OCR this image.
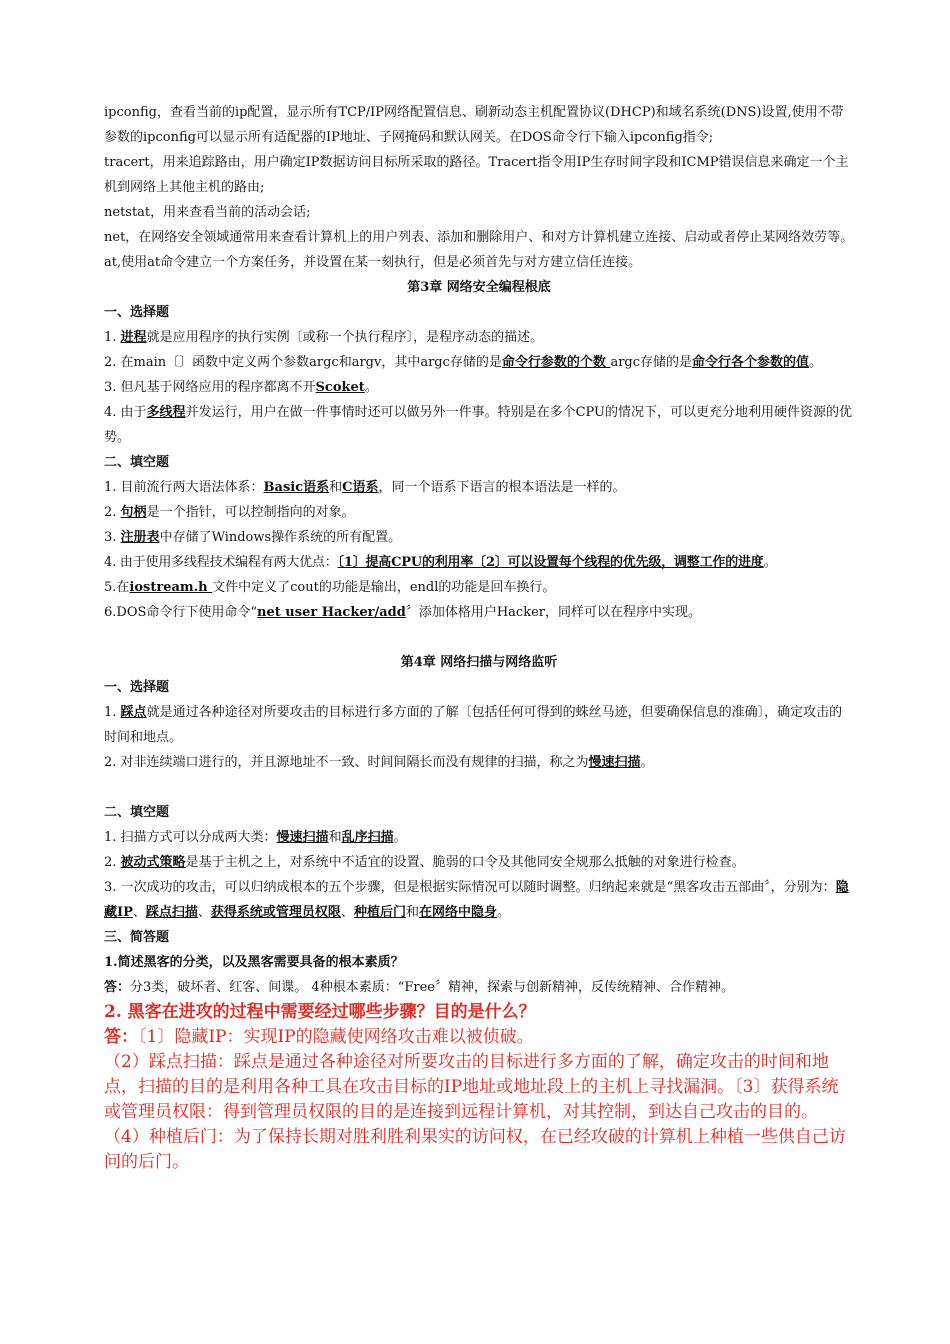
ipconfig，查看当前的ip配置，显示所有TCP/IP网络配置信息、刷新动态主机配置协议(DHCP)和域名系统(DNS)设置,使用不带参数的ipconfig可以显示所有适配器的IP地址、子网掩码和默认网关。在DOS命令行下输入ipconfig指令;

tracert，用来追踪路由，用户确定IP数据访问目标所采取的路径。Tracert指令用IP生存时间字段和ICMP错误信息来确定一个主机到网络上其他主机的路由;

netstat，用来查看当前的活动会话;

net，在网络安全领域通常用来查看计算机上的用户列表、添加和删除用户、和对方计算机建立连接、启动或者停止某网络效劳等。

at,使用at命令建立一个方案任务，并设置在某一刻执行，但是必须首先与对方建立信任连接。

第3章 网络安全编程根底

一、选择题

1. 进程就是应用程序的执行实例〔或称一个执行程序〕，是程序动态的描述。

2. 在main〔〕函数中定义两个参数argc和argv，其中argc存储的是命令行参数的个数 argc存储的是命令行各个参数的值。

3. 但凡基于网络应用的程序都离不开Scoket。

4. 由于多线程并发运行，用户在做一件事情时还可以做另外一件事。特别是在多个CPU的情况下，可以更充分地利用硬件资源的优势。

二、填空题

1. 目前流行两大语法体系：Basic语系和C语系，同一个语系下语言的根本语法是一样的。

2. 句柄是一个指针，可以控制指向的对象。

3. 注册表中存储了Windows操作系统的所有配置。

4. 由于使用多线程技术编程有两大优点：〔1〕提高CPU的利用率〔2〕可以设置每个线程的优先级，调整工作的进度。

5.在iostream.h 文件中定义了cout的功能是输出，endl的功能是回车换行。

6.DOS命令行下使用命令“net user Hacker/add〞添加体格用户Hacker，同样可以在程序中实现。

第4章 网络扫描与网络监听

一、选择题

1. 踩点就是通过各种途径对所要攻击的目标进行多方面的了解〔包括任何可得到的蛛丝马迹，但要确保信息的准确〕，确定攻击的时间和地点。

2. 对非连续端口进行的，并且源地址不一致、时间间隔长而没有规律的扫描，称之为慢速扫描。

二、填空题

1. 扫描方式可以分成两大类：慢速扫描和乱序扫描。

2. 被动式策略是基于主机之上，对系统中不适宜的设置、脆弱的口令及其他同安全规那么抵触的对象进行检查。

3. 一次成功的攻击，可以归纳成根本的五个步骤，但是根据实际情况可以随时调整。归纳起来就是“黑客攻击五部曲〞，分别为：隐藏IP、踩点扫描、获得系统或管理员权限、种植后门和在网络中隐身。

三、简答题

1.简述黑客的分类，以及黑客需要具备的根本素质？

答：分3类，破坏者、红客、间谍。 4种根本素质：“Free〞精神，探索与创新精神，反传统精神、合作精神。

2. 黑客在进攻的过程中需要经过哪些步骤？目的是什么？

答：〔1〕隐藏IP：实现IP的隐藏使网络攻击难以被侦破。

（2）踩点扫描：踩点是通过各种途径对所要攻击的目标进行多方面的了解，确定攻击的时间和地点，扫描的目的是利用各种工具在攻击目标的IP地址或地址段上的主机上寻找漏洞。〔3〕获得系统或管理员权限：得到管理员权限的目的是连接到远程计算机，对其控制，到达自己攻击的目的。

（4）种植后门：为了保持长期对胜利胜利果实的访问权，在已经攻破的计算机上种植一些供自己访问的后门。
